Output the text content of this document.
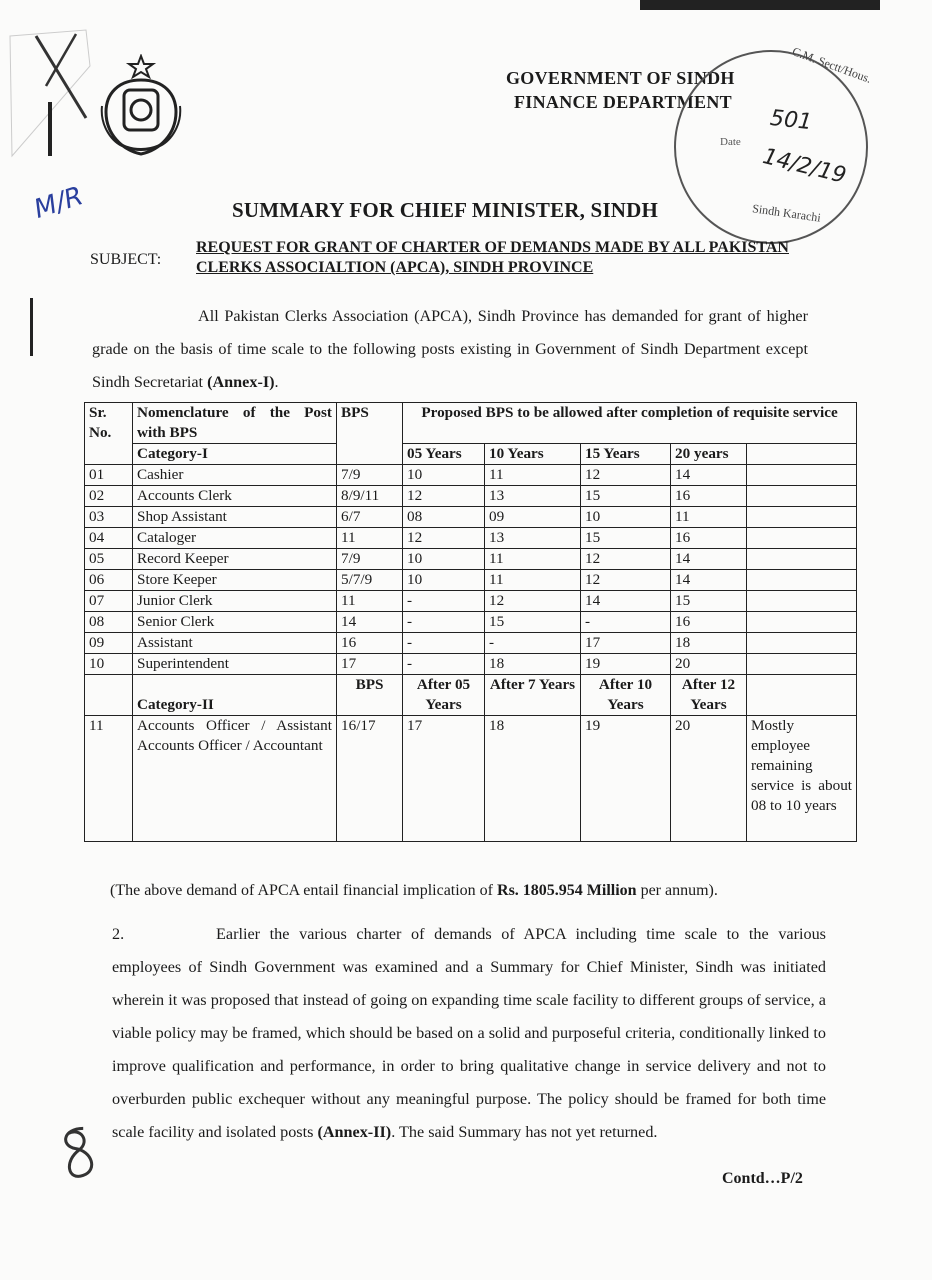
M/R
GOVERNMENT OF SINDH
FINANCE DEPARTMENT
C.M. Sectt/Hous.
Date
501
14/2/19
Sindh Karachi
SUMMARY FOR CHIEF MINISTER, SINDH
SUBJECT:
REQUEST FOR GRANT OF CHARTER OF DEMANDS MADE BY ALL PAKISTAN CLERKS ASSOCIALTION (APCA), SINDH PROVINCE
All Pakistan Clerks Association (APCA), Sindh Province has demanded for grant of higher grade on the basis of time scale to the following posts existing in Government of Sindh Department except Sindh Secretariat (Annex-I).
Sr. No.	Nomenclature of the Post with BPS	BPS	Proposed BPS to be allowed after completion of requisite service				
	Category-I		05 Years	10 Years	15 Years	20 years	
01	Cashier	7/9	10	11	12	14	
02	Accounts Clerk	8/9/11	12	13	15	16	
03	Shop Assistant	6/7	08	09	10	11	
04	Cataloger	11	12	13	15	16	
05	Record Keeper	7/9	10	11	12	14	
06	Store Keeper	5/7/9	10	11	12	14	
07	Junior Clerk	11	-	12	14	15	
08	Senior Clerk	14	-	15	-	16	
09	Assistant	16	-	-	17	18	
10	Superintendent	17	-	18	19	20	
	Category-II	BPS	After 05 Years	After 7 Years	After 10 Years	After 12 Years	
11	Accounts Officer / Assistant Accounts Officer / Accountant	16/17	17	18	19	20	Mostly employee remaining service is about 08 to 10 years
(The above demand of APCA entail financial implication of Rs. 1805.954 Million per annum).
2.	Earlier the various charter of demands of APCA including time scale to the various employees of Sindh Government was examined and a Summary for Chief Minister, Sindh was initiated wherein it was proposed that instead of going on expanding time scale facility to different groups of service, a viable policy may be framed, which should be based on a solid and purposeful criteria, conditionally linked to improve qualification and performance, in order to bring qualitative change in service delivery and not to overburden public exchequer without any meaningful purpose. The policy should be framed for both time scale facility and isolated posts (Annex-II). The said Summary has not yet returned.
Contd…P/2
